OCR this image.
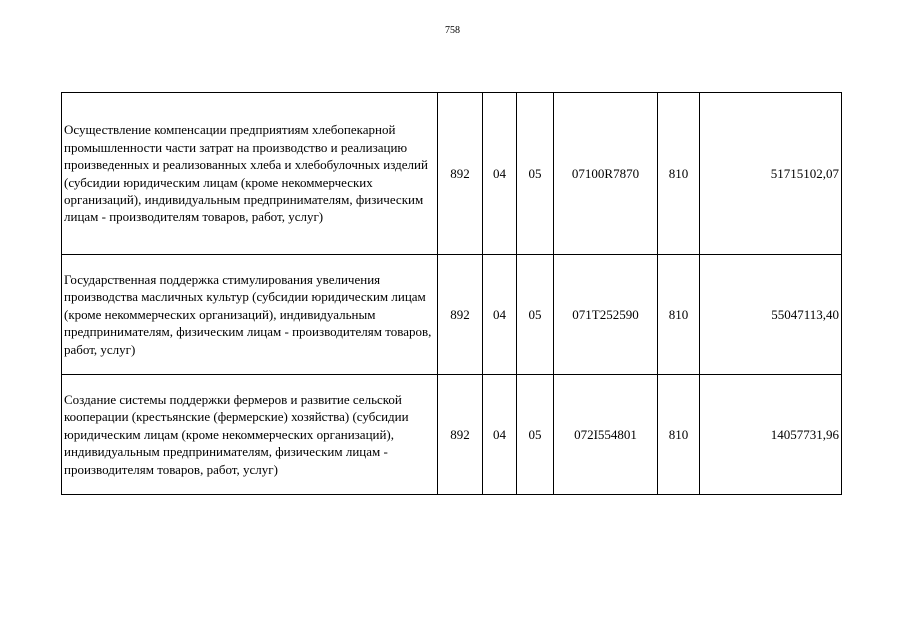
758
Осуществление компенсации предприятиям хлебопекарной промышленности части затрат на производство и реализацию произведенных и реализованных хлеба и хлебобулочных изделий (субсидии юридическим лицам (кроме некоммерческих организаций), индивидуальным предпринимателям, физическим лицам - производителям товаров, работ, услуг)	892	04	05	07100R7870	810	51715102,07
Государственная поддержка стимулирования увеличения производства масличных культур (субсидии юридическим лицам (кроме некоммерческих организаций), индивидуальным предпринимателям, физическим лицам - производителям товаров, работ, услуг)	892	04	05	071T252590	810	55047113,40
Создание системы поддержки фермеров и развитие сельской кооперации (крестьянские (фермерские) хозяйства) (субсидии юридическим лицам (кроме некоммерческих организаций), индивидуальным предпринимателям, физическим лицам - производителям товаров, работ, услуг)	892	04	05	072I554801	810	14057731,96
